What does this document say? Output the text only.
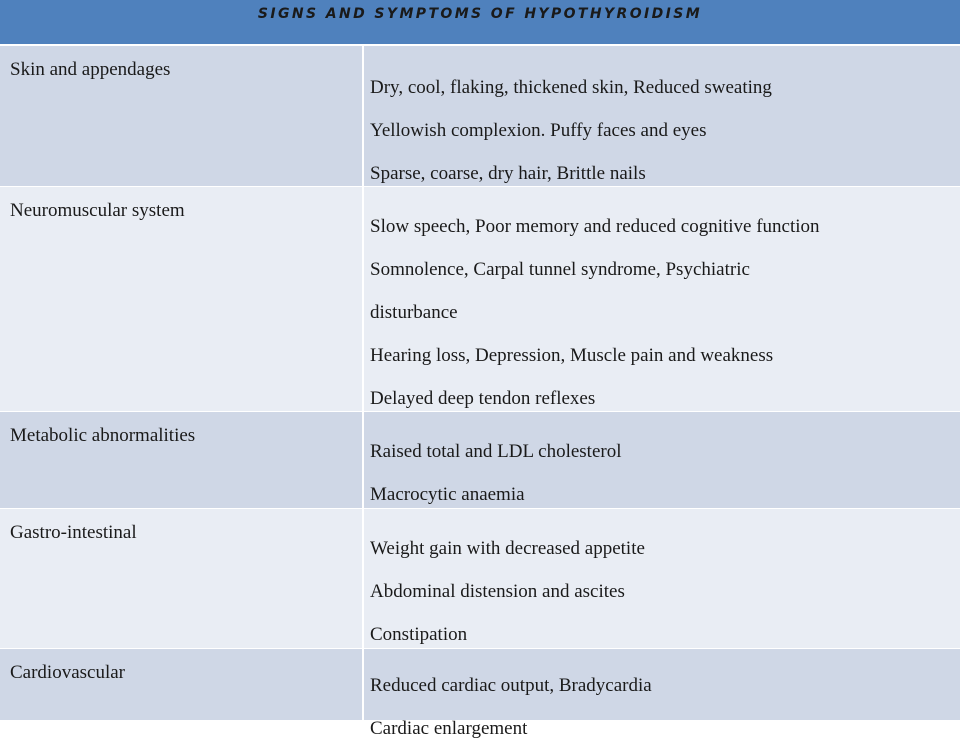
SIGNS AND SYMPTOMS OF HYPOTHYROIDISM
Skin and appendages
Dry, cool, flaking, thickened skin, Reduced sweating
Yellowish complexion. Puffy faces and eyes
Sparse, coarse, dry hair, Brittle nails
Neuromuscular system
Slow speech, Poor memory and reduced cognitive function
Somnolence, Carpal tunnel syndrome, Psychiatric
disturbance
Hearing loss, Depression, Muscle pain and weakness
Delayed deep tendon reflexes
Metabolic abnormalities
Raised total and LDL cholesterol
Macrocytic anaemia
Gastro-intestinal
Weight gain with decreased appetite
Abdominal distension and ascites
Constipation
Cardiovascular
Reduced cardiac output, Bradycardia
Cardiac enlargement
